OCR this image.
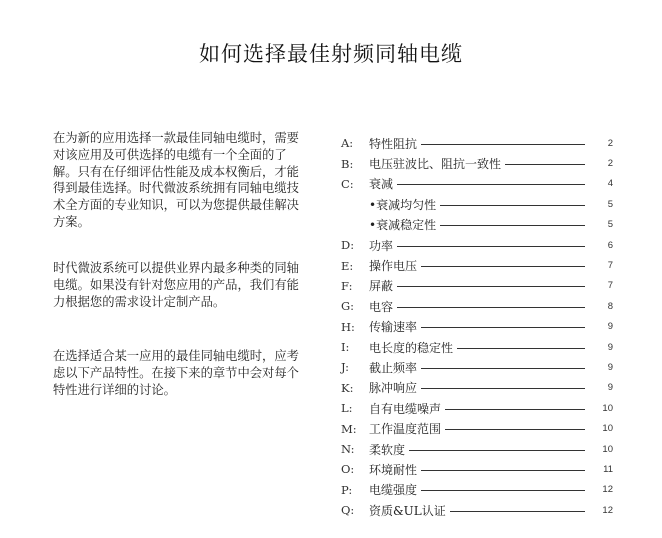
如何选择最佳射频同轴电缆

在为新的应用选择一款最佳同轴电缆时，需要对该应用及可供选择的电缆有一个全面的了解。只有在仔细评估性能及成本权衡后，才能得到最佳选择。时代微波系统拥有同轴电缆技术全方面的专业知识，可以为您提供最佳解决方案。

时代微波系统可以提供业界内最多种类的同轴电缆。如果没有针对您应用的产品，我们有能力根据您的需求设计定制产品。

在选择适合某一应用的最佳同轴电缆时，应考虑以下产品特性。在接下来的章节中会对每个特性进行详细的讨论。

A:	特性阻抗	2
B:	电压驻波比、阻抗一致性	2
C:	衰减	4
•衰减均匀性	5
•衰减稳定性	5
D:	功率	6
E:	操作电压	7
F:	屏蔽	7
G:	电容	8
H:	传输速率	9
I:	电长度的稳定性	9
J:	截止频率	9
K:	脉冲响应	9
L:	自有电缆噪声	10
M:	工作温度范围	10
N:	柔软度	10
O:	环境耐性	11
P:	电缆强度	12
Q:	资质&UL认证	12
